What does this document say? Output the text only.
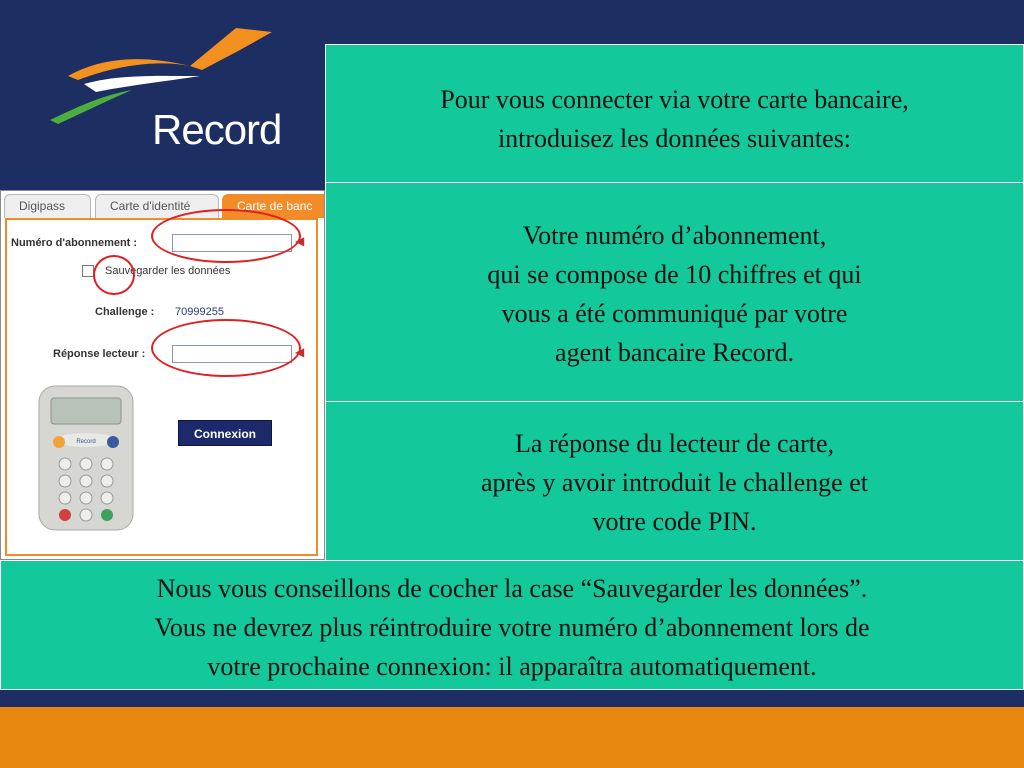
Record
Digipass	Carte d'identité	Carte de banc
Numéro d'abonnement :	◀
Sauvegarder les données
Challenge : 70999255
Réponse lecteur :	◀
Connexion
Record
Pour vous connecter via votre carte bancaire,
introduisez les données suivantes:
Votre numéro d’abonnement,
qui se compose de 10 chiffres et qui
vous a été communiqué par votre
agent bancaire Record.
La réponse du lecteur de carte,
après y avoir introduit le challenge et
votre code PIN.
Nous vous conseillons de cocher la case “Sauvegarder les données”.
Vous ne devrez plus réintroduire votre numéro d’abonnement lors de
votre prochaine connexion: il apparaîtra automatiquement.
